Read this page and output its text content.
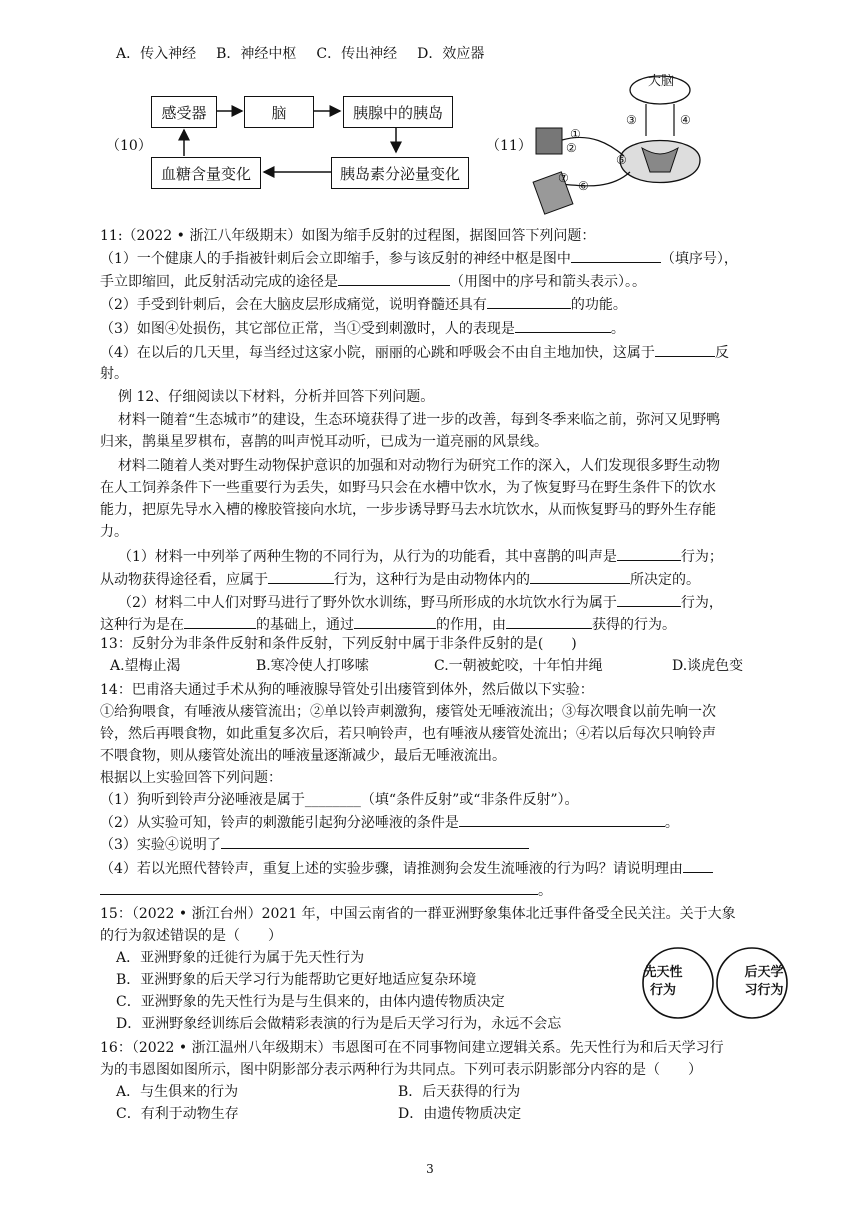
A．传入神经 B．神经中枢 C．传出神经 D．效应器
（10）
感受器	脑	胰腺中的胰岛
胰岛素分泌量变化
血糖含量变化
（11）
大脑
①
②
③	④
⑤
⑥
⑦
11:（2022 • 浙江八年级期末）如图为缩手反射的过程图，据图回答下列问题：
（1）一个健康人的手指被针刺后会立即缩手，参与该反射的神经中枢是图中	（填序号），
手立即缩回，此反射活动完成的途径是	（用图中的序号和箭头表示）。。
（2）手受到针刺后，会在大脑皮层形成痛觉，说明脊髓还具有	的功能。
（3）如图④处损伤，其它部位正常，当①受到刺激时，人的表现是	。
（4）在以后的几天里，每当经过这家小院，丽丽的心跳和呼吸会不由自主地加快，这属于	反
射。
例 12、仔细阅读以下材料，分析并回答下列问题。
材料一随着“生态城市”的建设，生态环境获得了进一步的改善，每到冬季来临之前，弥河又见野鸭
归来，鹊巢星罗棋布，喜鹊的叫声悦耳动听，已成为一道亮丽的风景线。
材料二随着人类对野生动物保护意识的加强和对动物行为研究工作的深入，人们发现很多野生动物
在人工饲养条件下一些重要行为丢失，如野马只会在水槽中饮水，为了恢复野马在野生条件下的饮水
能力，把原先导水入槽的橡胶管接向水坑，一步步诱导野马去水坑饮水，从而恢复野马的野外生存能
力。
（1）材料一中列举了两种生物的不同行为，从行为的功能看，其中喜鹊的叫声是	行为；
从动物获得途径看，应属于	行为，这种行为是由动物体内的	所决定的。
（2）材料二中人们对野马进行了野外饮水训练，野马所形成的水坑饮水行为属于	行为，
这种行为是在	的基础上，通过	的作用，由	获得的行为。
13：反射分为非条件反射和条件反射，下列反射中属于非条件反射的是(　　)
A.望梅止渴	B.寒冷使人打哆嗦	C.一朝被蛇咬，十年怕井绳	D.谈虎色变
14：巴甫洛夫通过手术从狗的唾液腺导管处引出瘘管到体外，然后做以下实验：
①给狗喂食，有唾液从瘘管流出；②单以铃声刺激狗，瘘管处无唾液流出；③每次喂食以前先响一次
铃，然后再喂食物，如此重复多次后，若只响铃声，也有唾液从瘘管处流出；④若以后每次只响铃声
不喂食物，则从瘘管处流出的唾液量逐渐减少，最后无唾液流出。
根据以上实验回答下列问题：
（1）狗听到铃声分泌唾液是属于________（填“条件反射”或“非条件反射”）。
（2）从实验可知，铃声的刺激能引起狗分泌唾液的条件是	。
（3）实验④说明了
（4）若以光照代替铃声，重复上述的实验步骤，请推测狗会发生流唾液的行为吗？请说明理由
。
15：（2022 • 浙江台州）2021 年，中国云南省的一群亚洲野象集体北迁事件备受全民关注。关于大象
的行为叙述错误的是（　　）
A．亚洲野象的迁徙行为属于先天性行为
B．亚洲野象的后天学习行为能帮助它更好地适应复杂环境
C．亚洲野象的先天性行为是与生俱来的，由体内遗传物质决定
D．亚洲野象经训练后会做精彩表演的行为是后天学习行为，永远不会忘
先天性
行为
后天学
习行为
16：（2022 • 浙江温州八年级期末）韦恩图可在不同事物间建立逻辑关系。先天性行为和后天学习行
为的韦恩图如图所示，图中阴影部分表示两种行为共同点。下列可表示阴影部分内容的是（　　）
A．与生俱来的行为	B．后天获得的行为
C．有利于动物生存	D．由遗传物质决定
3
